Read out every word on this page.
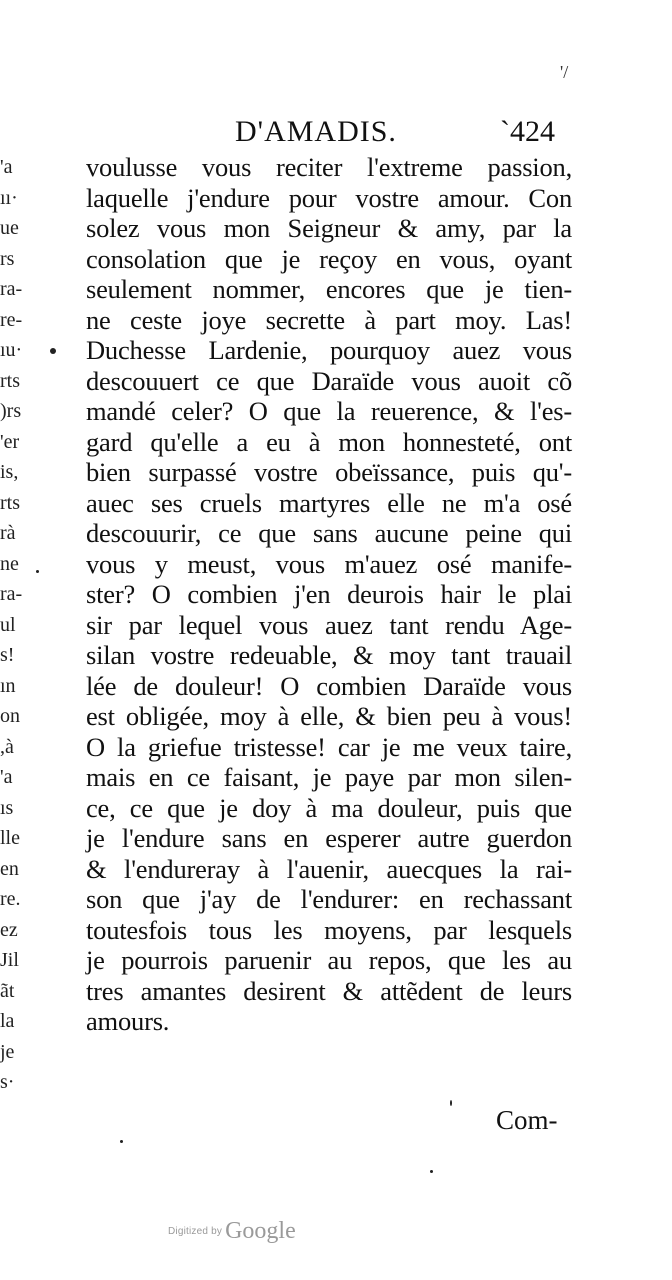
'/
D'AMADIS.	`424
'a
ıı·
ue
rs
ra-
re-
ıu·
rts
)rs
'er
is,
rts
rà
ne
ra-
ul
s!
ın
on
,à
'a
ıs
lle
en
re.
ez
Jil
ãt
la
je
s·
voulusse vous reciter l'extreme passion,
laquelle j'endure pour vostre amour. Con
solez vous mon Seigneur & amy, par la
consolation que je reçoy en vous, oyant
seulement nommer, encores que je tien-
ne ceste joye secrette à part moy. Las!
Duchesse Lardenie, pourquoy auez vous
descouuert ce que Daraïde vous auoit cõ
mandé celer? O que la reuerence, & l'es-
gard qu'elle a eu à mon honnesteté, ont
bien surpassé vostre obeïssance, puis qu'-
auec ses cruels martyres elle ne m'a osé
descouurir, ce que sans aucune peine qui
vous y meust, vous m'auez osé manife-
ster? O combien j'en deurois hair le plai
sir par lequel vous auez tant rendu Age-
silan vostre redeuable, & moy tant trauail
lée de douleur! O combien Daraïde vous
est obligée, moy à elle, & bien peu à vous!
O la griefue tristesse! car je me veux taire,
mais en ce faisant, je paye par mon silen-
ce, ce que je doy à ma douleur, puis que
je l'endure sans en esperer autre guerdon
& l'endureray à l'auenir, auecques la rai-
son que j'ay de l'endurer: en rechassant
toutesfois tous les moyens, par lesquels
je pourrois paruenir au repos, que les au
tres amantes desirent & attẽdent de leurs
amours.
Com-
Digitized by Google
